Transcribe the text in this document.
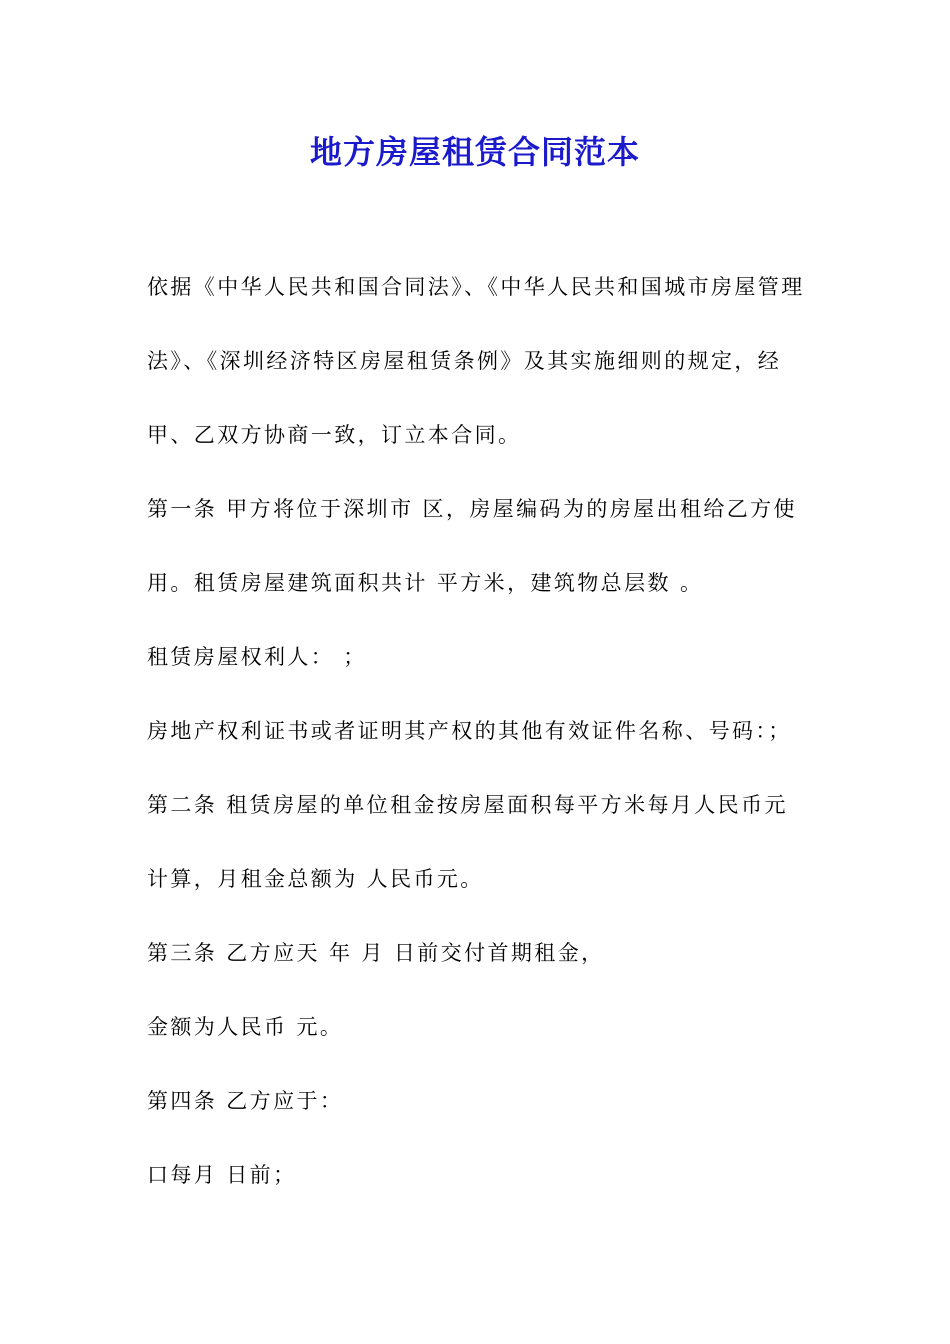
地方房屋租赁合同范本

依据《中华人民共和国合同法》、《中华人民共和国城市房屋管理法》、《深圳经济特区房屋租赁条例》及其实施细则的规定，经甲、乙双方协商一致，订立本合同。

第一条 甲方将位于深圳市 区，房屋编码为的房屋出租给乙方使用。租赁房屋建筑面积共计 平方米，建筑物总层数 。

租赁房屋权利人： ；

房地产权利证书或者证明其产权的其他有效证件名称、号码：；

第二条 租赁房屋的单位租金按房屋面积每平方米每月人民币元计算，月租金总额为 人民币元。

第三条 乙方应天 年 月 日前交付首期租金，

金额为人民币 元。

第四条 乙方应于：

口每月 日前；
